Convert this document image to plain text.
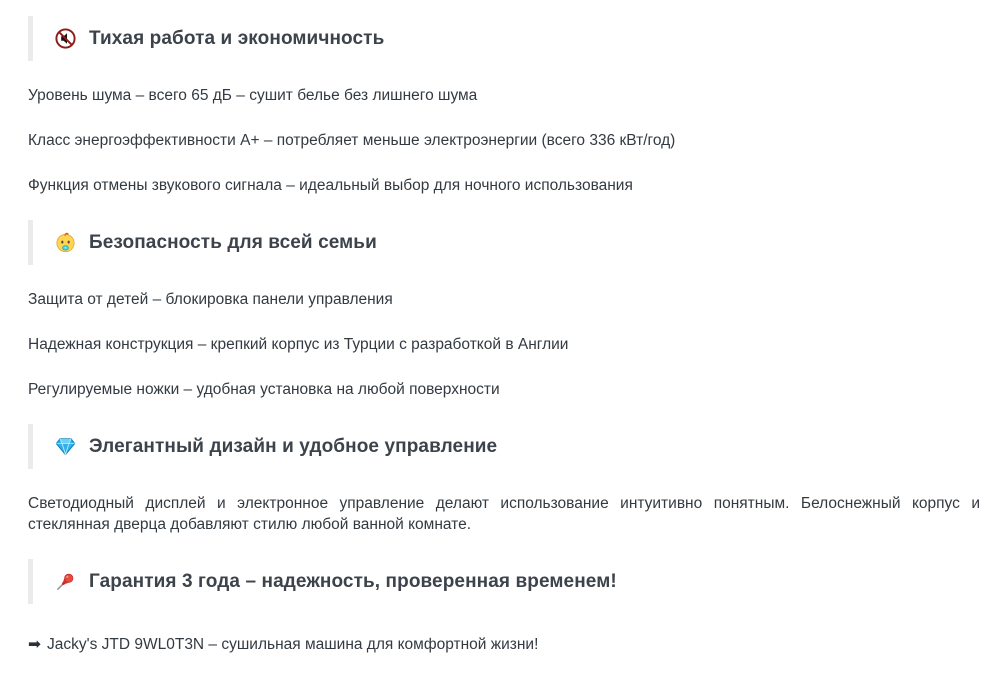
Тихая работа и экономичность

Уровень шума – всего 65 дБ – сушит белье без лишнего шума

Класс энергоэффективности А+ – потребляет меньше электроэнергии (всего 336 кВт/год)

Функция отмены звукового сигнала – идеальный выбор для ночного использования

Безопасность для всей семьи

Защита от детей – блокировка панели управления

Надежная конструкция – крепкий корпус из Турции с разработкой в Англии

Регулируемые ножки – удобная установка на любой поверхности

Элегантный дизайн и удобное управление

Светодиодный дисплей и электронное управление делают использование интуитивно понятным. Белоснежный корпус и стеклянная дверца добавляют стилю любой ванной комнате.

Гарантия 3 года – надежность, проверенная временем!

➡ Jacky's JTD 9WL0T3N – сушильная машина для комфортной жизни!
